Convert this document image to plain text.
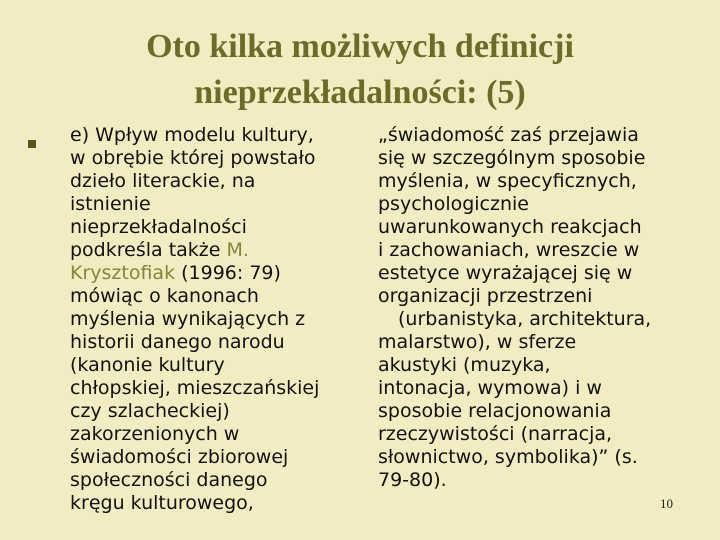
Oto kilka możliwych definicji
nieprzekładalności: (5)
e) Wpływ modelu kultury,
w obrębie której powstało
dzieło literackie, na
istnienie
nieprzekładalności
podkreśla także M.
Krysztofiak (1996: 79)
mówiąc o kanonach
myślenia wynikających z
historii danego narodu
(kanonie kultury
chłopskiej, mieszczańskiej
czy szlacheckiej)
zakorzenionych w
świadomości zbiorowej
społeczności danego
kręgu kulturowego,
„świadomość zaś przejawia
się w szczególnym sposobie
myślenia, w specyficznych,
psychologicznie
uwarunkowanych reakcjach
i zachowaniach, wreszcie w
estetyce wyrażającej się w
organizacji przestrzeni
(urbanistyka, architektura,
malarstwo), w sferze
akustyki (muzyka,
intonacja, wymowa) i w
sposobie relacjonowania
rzeczywistości (narracja,
słownictwo, symbolika)” (s.
79-80).
10
